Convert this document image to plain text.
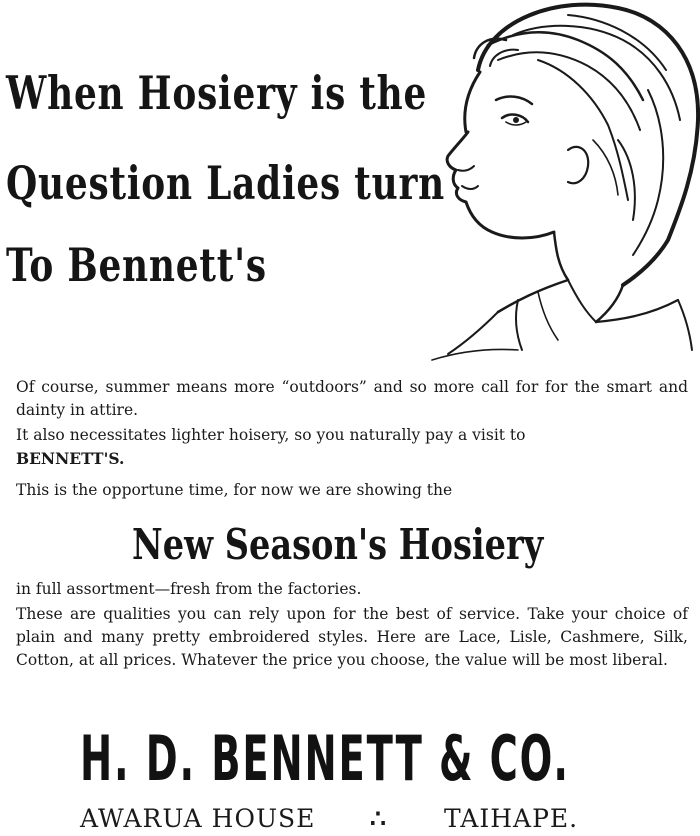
When Hosiery is the
Question Ladies turn
To Bennett's
Of course, summer means more “outdoors” and so more call for for the smart and dainty in attire.
It also necessitates lighter hoisery, so you naturally pay a visit to
BENNETT'S.
This is the opportune time, for now we are showing the
New Season's Hosiery
in full assortment—fresh from the factories.
These are qualities you can rely upon for the best of service. Take your choice of plain and many pretty embroidered styles. Here are Lace, Lisle, Cashmere, Silk, Cotton, at all prices. Whatever the price you choose, the value will be most liberal.
H. D. BENNETT & CO.
AWARUA HOUSE ∴ TAIHAPE.
